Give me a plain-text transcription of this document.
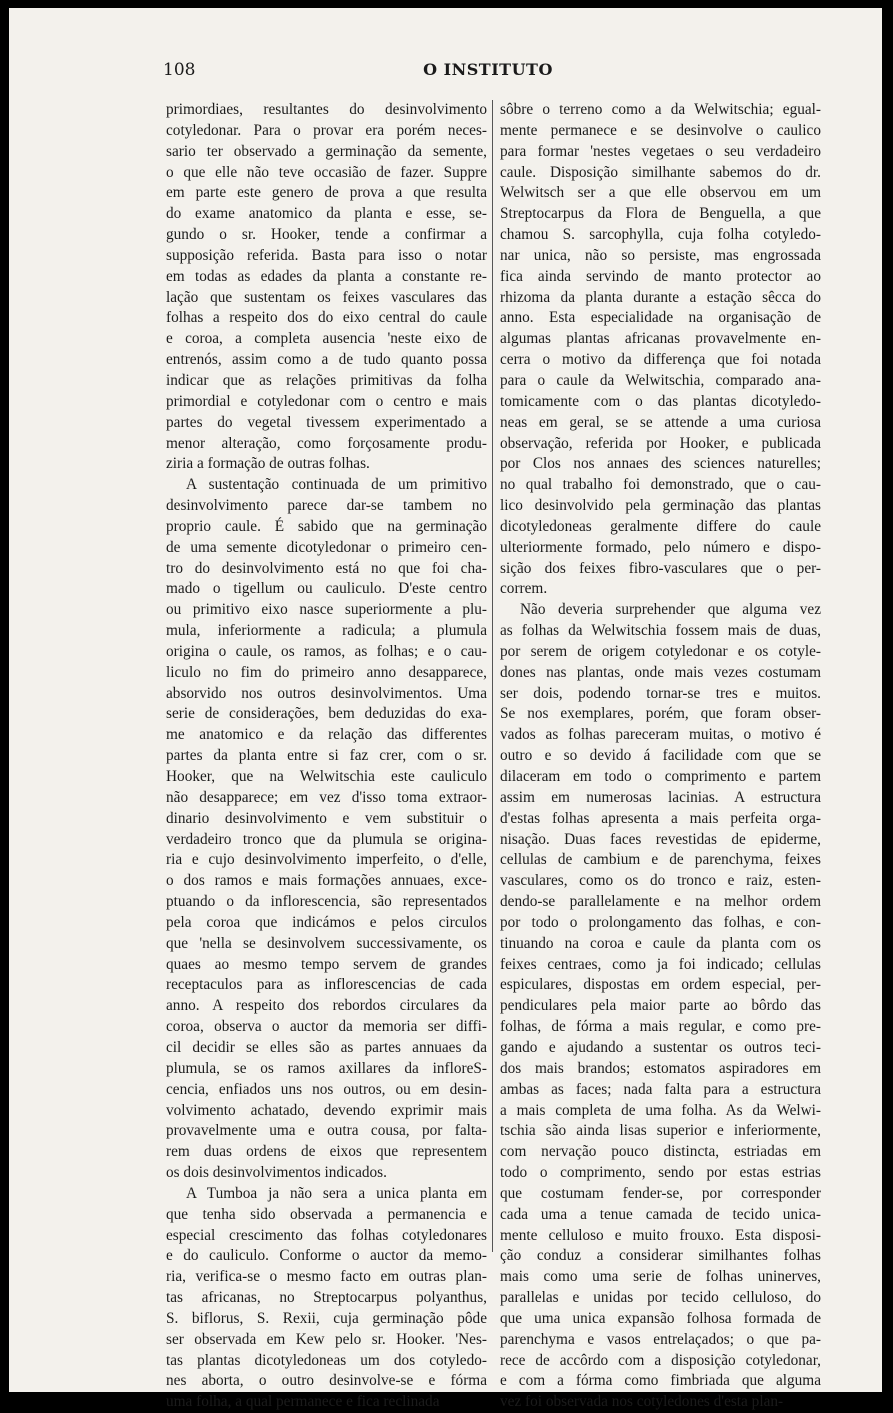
108	O INSTITUTO
primordiaes, resultantes do desinvolvimento
cotyledonar. Para o provar era porém neces-
sario ter observado a germinação da semente,
o que elle não teve occasião de fazer. Suppre
em parte este genero de prova a que resulta
do exame anatomico da planta e esse, se-
gundo o sr. Hooker, tende a confirmar a
supposição referida. Basta para isso o notar
em todas as edades da planta a constante re-
lação que sustentam os feixes vasculares das
folhas a respeito dos do eixo central do caule
e coroa, a completa ausencia 'neste eixo de
entrenós, assim como a de tudo quanto possa
indicar que as relações primitivas da folha
primordial e cotyledonar com o centro e mais
partes do vegetal tivessem experimentado a
menor alteração, como forçosamente produ-
ziria a formação de outras folhas.
A sustentação continuada de um primitivo
desinvolvimento parece dar-se tambem no
proprio caule. É sabido que na germinação
de uma semente dicotyledonar o primeiro cen-
tro do desinvolvimento está no que foi cha-
mado o tigellum ou cauliculo. D'este centro
ou primitivo eixo nasce superiormente a plu-
mula, inferiormente a radicula; a plumula
origina o caule, os ramos, as folhas; e o cau-
liculo no fim do primeiro anno desapparece,
absorvido nos outros desinvolvimentos. Uma
serie de considerações, bem deduzidas do exa-
me anatomico e da relação das differentes
partes da planta entre si faz crer, com o sr.
Hooker, que na Welwitschia este cauliculo
não desapparece; em vez d'isso toma extraor-
dinario desinvolvimento e vem substituir o
verdadeiro tronco que da plumula se origina-
ria e cujo desinvolvimento imperfeito, o d'elle,
o dos ramos e mais formações annuaes, exce-
ptuando o da inflorescencia, são representados
pela coroa que indicámos e pelos circulos
que 'nella se desinvolvem successivamente, os
quaes ao mesmo tempo servem de grandes
receptaculos para as inflorescencias de cada
anno. A respeito dos rebordos circulares da
coroa, observa o auctor da memoria ser diffi-
cil decidir se elles são as partes annuaes da
plumula, se os ramos axillares da infloreS-
cencia, enfiados uns nos outros, ou em desin-
volvimento achatado, devendo exprimir mais
provavelmente uma e outra cousa, por falta-
rem duas ordens de eixos que representem
os dois desinvolvimentos indicados.
A Tumboa ja não sera a unica planta em
que tenha sido observada a permanencia e
especial crescimento das folhas cotyledonares
e do cauliculo. Conforme o auctor da memo-
ria, verifica-se o mesmo facto em outras plan-
tas africanas, no Streptocarpus polyanthus,
S. biflorus, S. Rexii, cuja germinação pôde
ser observada em Kew pelo sr. Hooker. 'Nes-
tas plantas dicotyledoneas um dos cotyledo-
nes aborta, o outro desinvolve-se e fórma
uma folha, a qual permanece e fica reclinada
sôbre o terreno como a da Welwitschia; egual-
mente permanece e se desinvolve o caulico
para formar 'nestes vegetaes o seu verdadeiro
caule. Disposição similhante sabemos do dr.
Welwitsch ser a que elle observou em um
Streptocarpus da Flora de Benguella, a que
chamou S. sarcophylla, cuja folha cotyledo-
nar unica, não so persiste, mas engrossada
fica ainda servindo de manto protector ao
rhizoma da planta durante a estação sêcca do
anno. Esta especialidade na organisação de
algumas plantas africanas provavelmente en-
cerra o motivo da differença que foi notada
para o caule da Welwitschia, comparado ana-
tomicamente com o das plantas dicotyledo-
neas em geral, se se attende a uma curiosa
observação, referida por Hooker, e publicada
por Clos nos annaes des sciences naturelles;
no qual trabalho foi demonstrado, que o cau-
lico desinvolvido pela germinação das plantas
dicotyledoneas geralmente differe do caule
ulteriormente formado, pelo número e dispo-
sição dos feixes fibro-vasculares que o per-
correm.
Não deveria surprehender que alguma vez
as folhas da Welwitschia fossem mais de duas,
por serem de origem cotyledonar e os cotyle-
dones nas plantas, onde mais vezes costumam
ser dois, podendo tornar-se tres e muitos.
Se nos exemplares, porém, que foram obser-
vados as folhas pareceram muitas, o motivo é
outro e so devido á facilidade com que se
dilaceram em todo o comprimento e partem
assim em numerosas lacinias. A estructura
d'estas folhas apresenta a mais perfeita orga-
nisação. Duas faces revestidas de epiderme,
cellulas de cambium e de parenchyma, feixes
vasculares, como os do tronco e raiz, esten-
dendo-se parallelamente e na melhor ordem
por todo o prolongamento das folhas, e con-
tinuando na coroa e caule da planta com os
feixes centraes, como ja foi indicado; cellulas
espiculares, dispostas em ordem especial, per-
pendiculares pela maior parte ao bôrdo das
folhas, de fórma a mais regular, e como pre-
gando e ajudando a sustentar os outros teci-
dos mais brandos; estomatos aspiradores em
ambas as faces; nada falta para a estructura
a mais completa de uma folha. As da Welwi-
tschia são ainda lisas superior e inferiormente,
com nervação pouco distincta, estriadas em
todo o comprimento, sendo por estas estrias
que costumam fender-se, por corresponder
cada uma a tenue camada de tecido unica-
mente celluloso e muito frouxo. Esta disposi-
ção conduz a considerar similhantes folhas
mais como uma serie de folhas uninerves,
parallelas e unidas por tecido celluloso, do
que uma unica expansão folhosa formada de
parenchyma e vasos entrelaçados; o que pa-
rece de accôrdo com a disposição cotyledonar,
e com a fórma como fimbriada que alguma
vez foi observada nos cotyledones d'esta plan-
